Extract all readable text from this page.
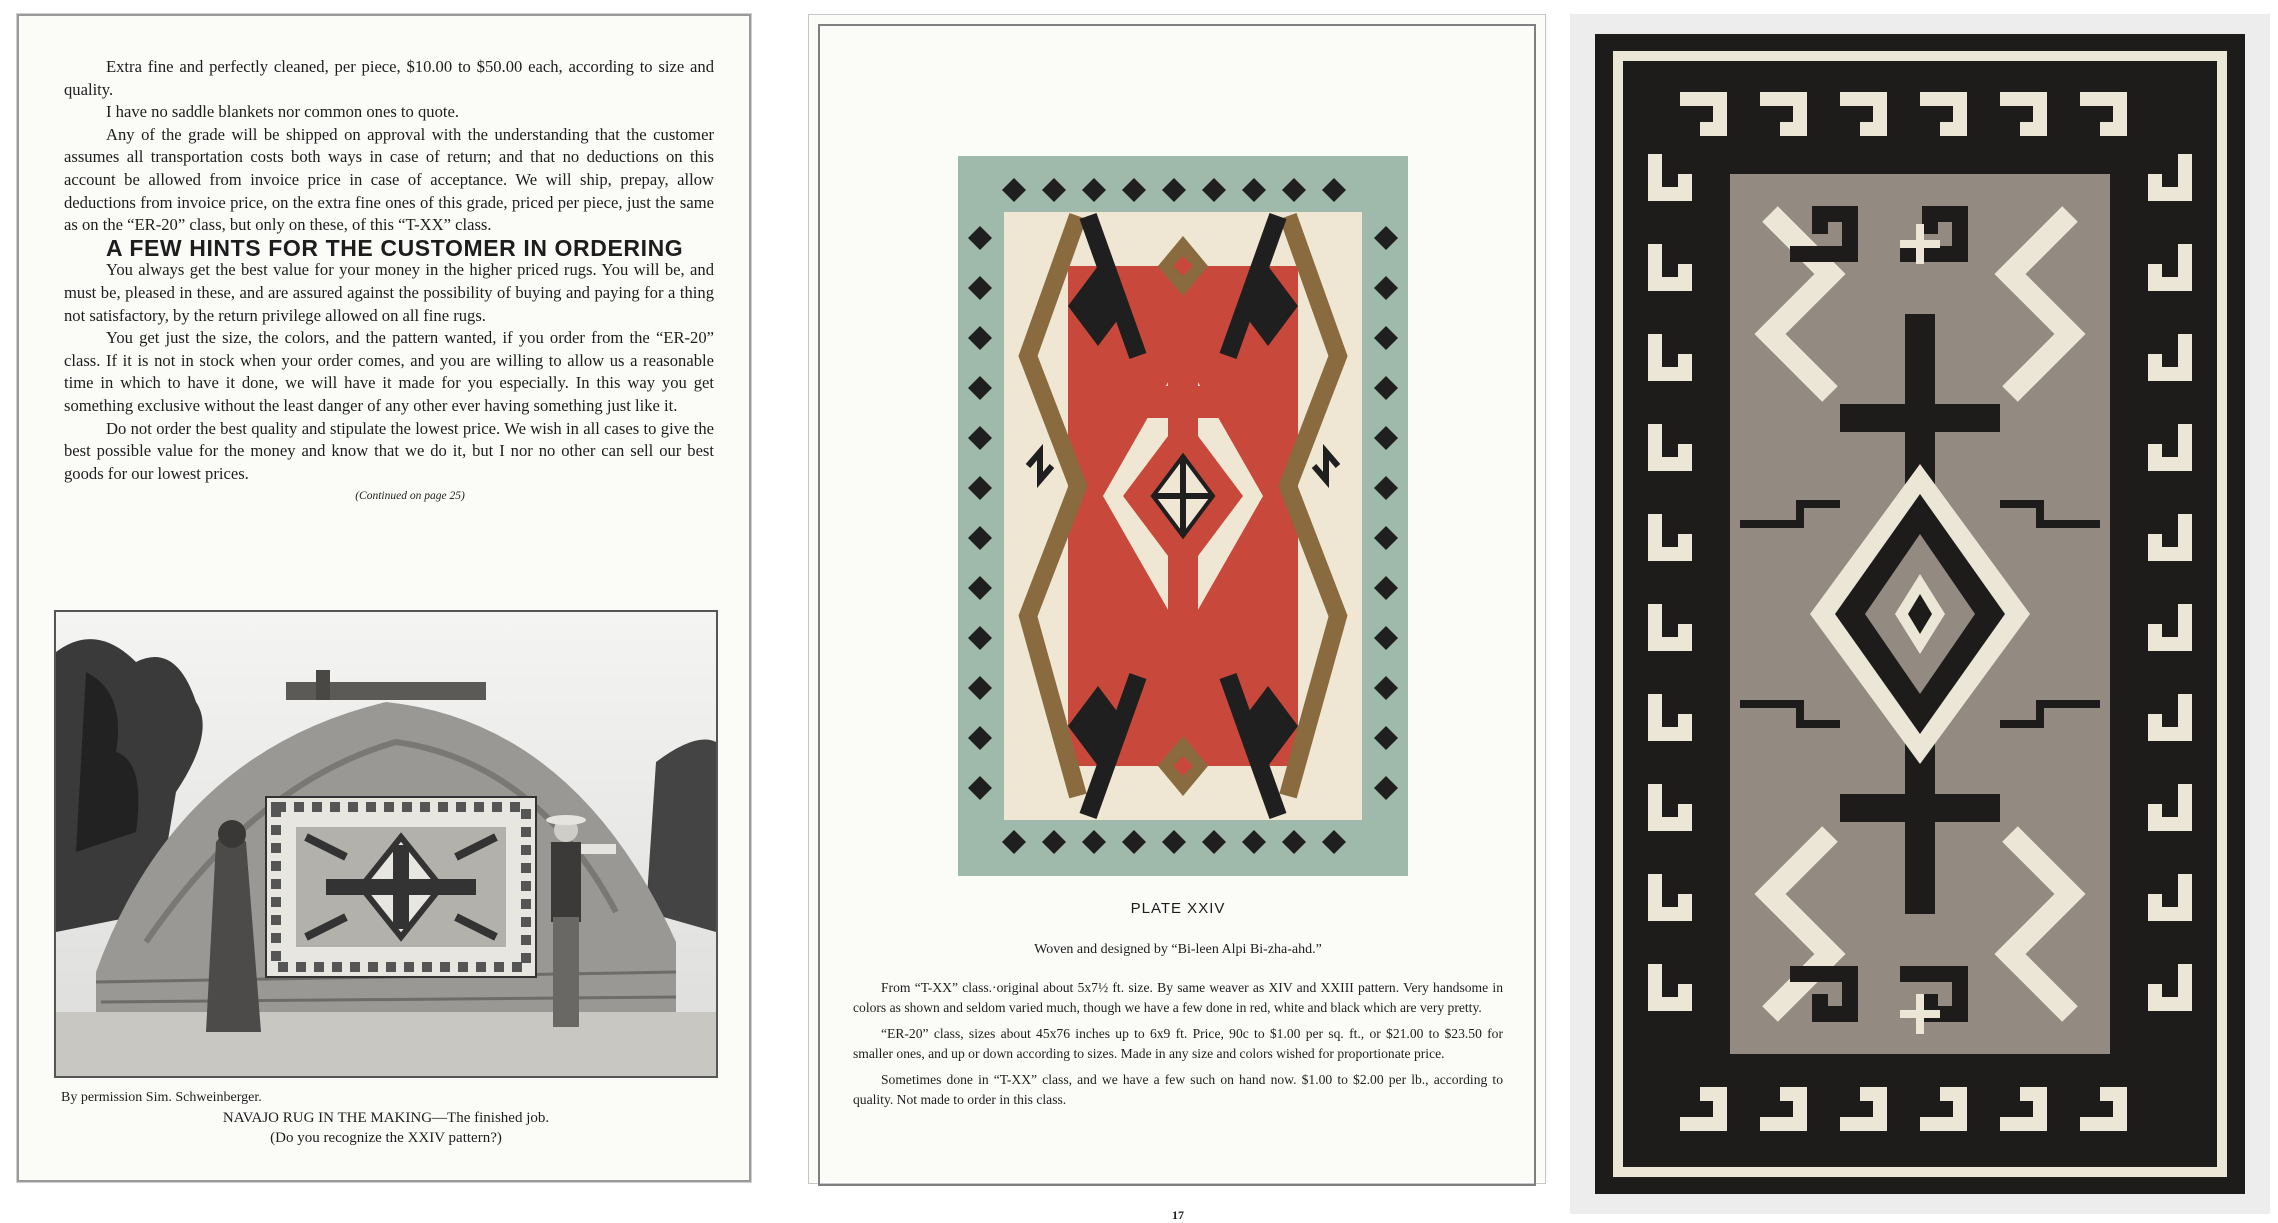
Extra fine and perfectly cleaned, per piece, $10.00 to $50.00 each, according to size and quality.

I have no saddle blankets nor common ones to quote.

Any of the grade will be shipped on approval with the understanding that the customer assumes all transportation costs both ways in case of return; and that no deductions on this account be allowed from invoice price in case of acceptance. We will ship, prepay, allow deductions from invoice price, on the extra fine ones of this grade, priced per piece, just the same as on the “ER-20” class, but only on these, of this “T-XX” class.

A FEW HINTS FOR THE CUSTOMER IN ORDERING

You always get the best value for your money in the higher priced rugs. You will be, and must be, pleased in these, and are assured against the possibility of buying and paying for a thing not satisfactory, by the return privilege allowed on all fine rugs.

You get just the size, the colors, and the pattern wanted, if you order from the “ER-20” class. If it is not in stock when your order comes, and you are willing to allow us a reasonable time in which to have it done, we will have it made for you especially. In this way you get something exclusive without the least danger of any other ever having something just like it.

Do not order the best quality and stipulate the lowest price. We wish in all cases to give the best possible value for the money and know that we do it, but I nor no other can sell our best goods for our lowest prices.

(Continued on page 25)

By permission Sim. Schweinberger.
NAVAJO RUG IN THE MAKING—The finished job.
(Do you recognize the XXIV pattern?)
PLATE XXIV
Woven and designed by “Bi-leen Alpi Bi-zha-ahd.”

From “T-XX” class.·original about 5x7½ ft. size. By same weaver as XIV and XXIII pattern. Very handsome in colors as shown and seldom varied much, though we have a few done in red, white and black which are very pretty.

“ER-20” class, sizes about 45x76 inches up to 6x9 ft. Price, 90c to $1.00 per sq. ft., or $21.00 to $23.50 for smaller ones, and up or down according to sizes. Made in any size and colors wished for proportionate price.

Sometimes done in “T-XX” class, and we have a few such on hand now. $1.00 to $2.00 per lb., according to quality. Not made to order in this class.

17
